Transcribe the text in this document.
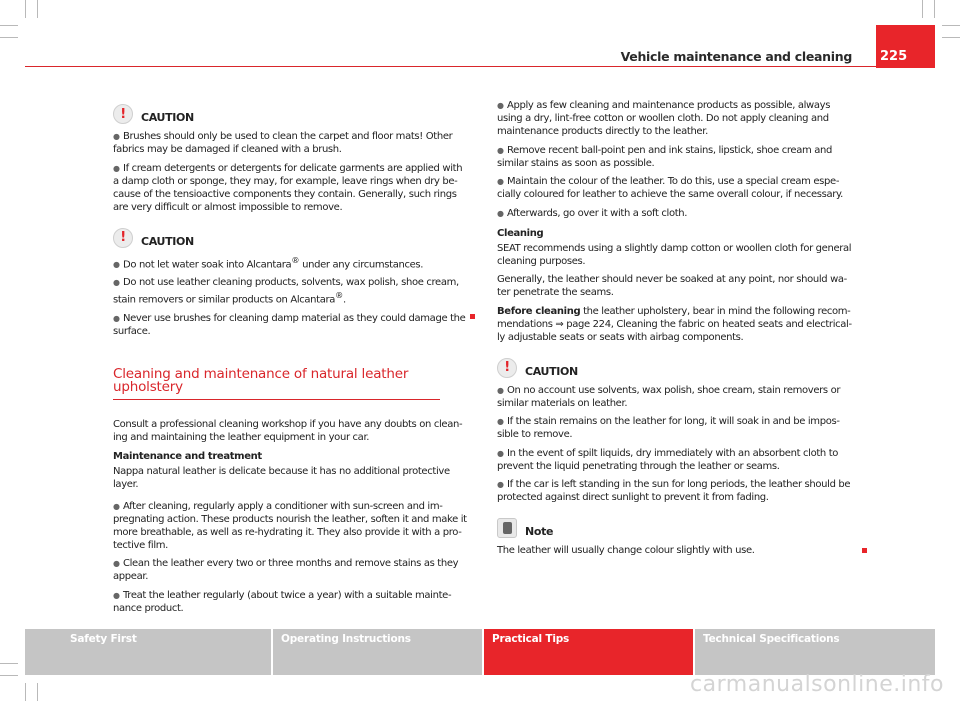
Vehicle maintenance and cleaning 225
!	CAUTION

● Brushes should only be used to clean the carpet and floor mats! Other fabrics may be damaged if cleaned with a brush.

● If cream detergents or detergents for delicate garments are applied with a damp cloth or sponge, they may, for example, leave rings when dry be-cause of the tensioactive components they contain. Generally, such rings are very difficult or almost impossible to remove.

!	CAUTION

● Do not let water soak into Alcantara® under any circumstances.

● Do not use leather cleaning products, solvents, wax polish, shoe cream, stain removers or similar products on Alcantara®.

● Never use brushes for cleaning damp material as they could damage the surface.

Cleaning and maintenance of natural leather upholstery

Consult a professional cleaning workshop if you have any doubts on clean-ing and maintaining the leather equipment in your car.

Maintenance and treatment

Nappa natural leather is delicate because it has no additional protective layer.

● After cleaning, regularly apply a conditioner with sun-screen and im-pregnating action. These products nourish the leather, soften it and make it more breathable, as well as re-hydrating it. They also provide it with a pro-tective film.

● Clean the leather every two or three months and remove stains as they appear.

● Treat the leather regularly (about twice a year) with a suitable mainte-nance product.

● Apply as few cleaning and maintenance products as possible, always using a dry, lint-free cotton or woollen cloth. Do not apply cleaning and maintenance products directly to the leather.

● Remove recent ball-point pen and ink stains, lipstick, shoe cream and similar stains as soon as possible.

● Maintain the colour of the leather. To do this, use a special cream espe-cially coloured for leather to achieve the same overall colour, if necessary.

● Afterwards, go over it with a soft cloth.

Cleaning

SEAT recommends using a slightly damp cotton or woollen cloth for general cleaning purposes.

Generally, the leather should never be soaked at any point, nor should wa-ter penetrate the seams.

Before cleaning the leather upholstery, bear in mind the following recom-mendations ⇒ page 224, Cleaning the fabric on heated seats and electrical-ly adjustable seats or seats with airbag components.

!	CAUTION

● On no account use solvents, wax polish, shoe cream, stain removers or similar materials on leather.

● If the stain remains on the leather for long, it will soak in and be impos-sible to remove.

● In the event of spilt liquids, dry immediately with an absorbent cloth to prevent the liquid penetrating through the leather or seams.

● If the car is left standing in the sun for long periods, the leather should be protected against direct sunlight to prevent it from fading.

Note

The leather will usually change colour slightly with use.

Safety First	Operating Instructions	Practical Tips	Technical Specifications
carmanualsonline.info
